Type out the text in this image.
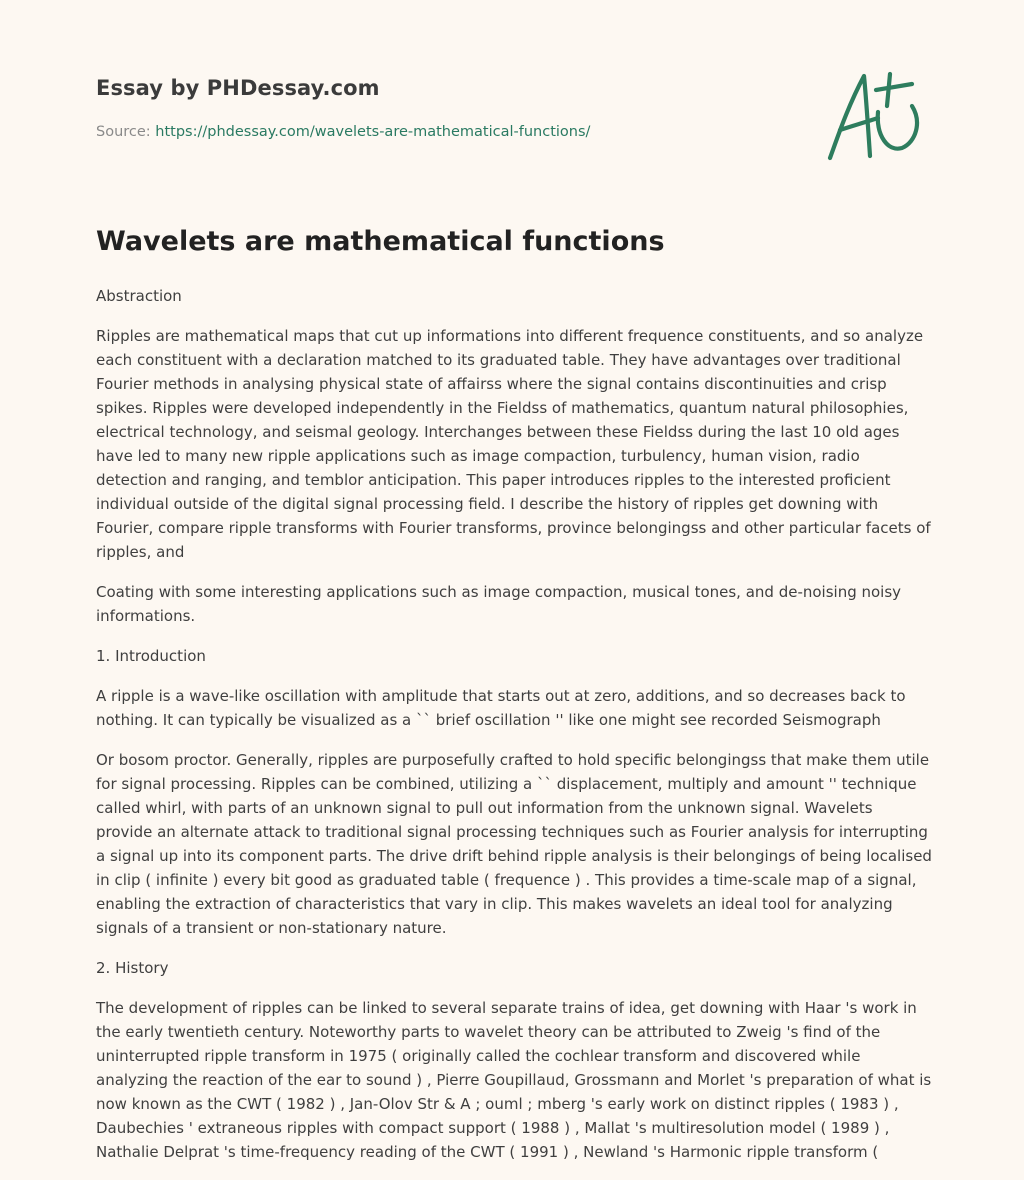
Essay by PHDessay.com
Source: https://phdessay.com/wavelets-are-mathematical-functions/
Wavelets are mathematical functions

Abstraction

Ripples are mathematical maps that cut up informations into different frequence constituents, and so analyze each constituent with a declaration matched to its graduated table. They have advantages over traditional Fourier methods in analysing physical state of affairss where the signal contains discontinuities and crisp spikes. Ripples were developed independently in the Fieldss of mathematics, quantum natural philosophies, electrical technology, and seismal geology. Interchanges between these Fieldss during the last 10 old ages have led to many new ripple applications such as image compaction, turbulency, human vision, radio detection and ranging, and temblor anticipation. This paper introduces ripples to the interested proficient individual outside of the digital signal processing field. I describe the history of ripples get downing with Fourier, compare ripple transforms with Fourier transforms, province belongingss and other particular facets of ripples, and

Coating with some interesting applications such as image compaction, musical tones, and de-noising noisy informations.

1. Introduction

A ripple is a wave-like oscillation with amplitude that starts out at zero, additions, and so decreases back to nothing. It can typically be visualized as a `` brief oscillation '' like one might see recorded Seismograph

Or bosom proctor. Generally, ripples are purposefully crafted to hold specific belongingss that make them utile for signal processing. Ripples can be combined, utilizing a `` displacement, multiply and amount '' technique called whirl, with parts of an unknown signal to pull out information from the unknown signal. Wavelets provide an alternate attack to traditional signal processing techniques such as Fourier analysis for interrupting a signal up into its component parts. The drive drift behind ripple analysis is their belongings of being localised in clip ( infinite ) every bit good as graduated table ( frequence ) . This provides a time-scale map of a signal, enabling the extraction of characteristics that vary in clip. This makes wavelets an ideal tool for analyzing signals of a transient or non-stationary nature.

2. History

The development of ripples can be linked to several separate trains of idea, get downing with Haar 's work in the early twentieth century. Noteworthy parts to wavelet theory can be attributed to Zweig 's find of the uninterrupted ripple transform in 1975 ( originally called the cochlear transform and discovered while analyzing the reaction of the ear to sound ) , Pierre Goupillaud, Grossmann and Morlet 's preparation of what is now known as the CWT ( 1982 ) , Jan-Olov Str & A ; ouml ; mberg 's early work on distinct ripples ( 1983 ) , Daubechies ' extraneous ripples with compact support ( 1988 ) , Mallat 's multiresolution model ( 1989 ) , Nathalie Delprat 's time-frequency reading of the CWT ( 1991 ) , Newland 's Harmonic ripple transform (
